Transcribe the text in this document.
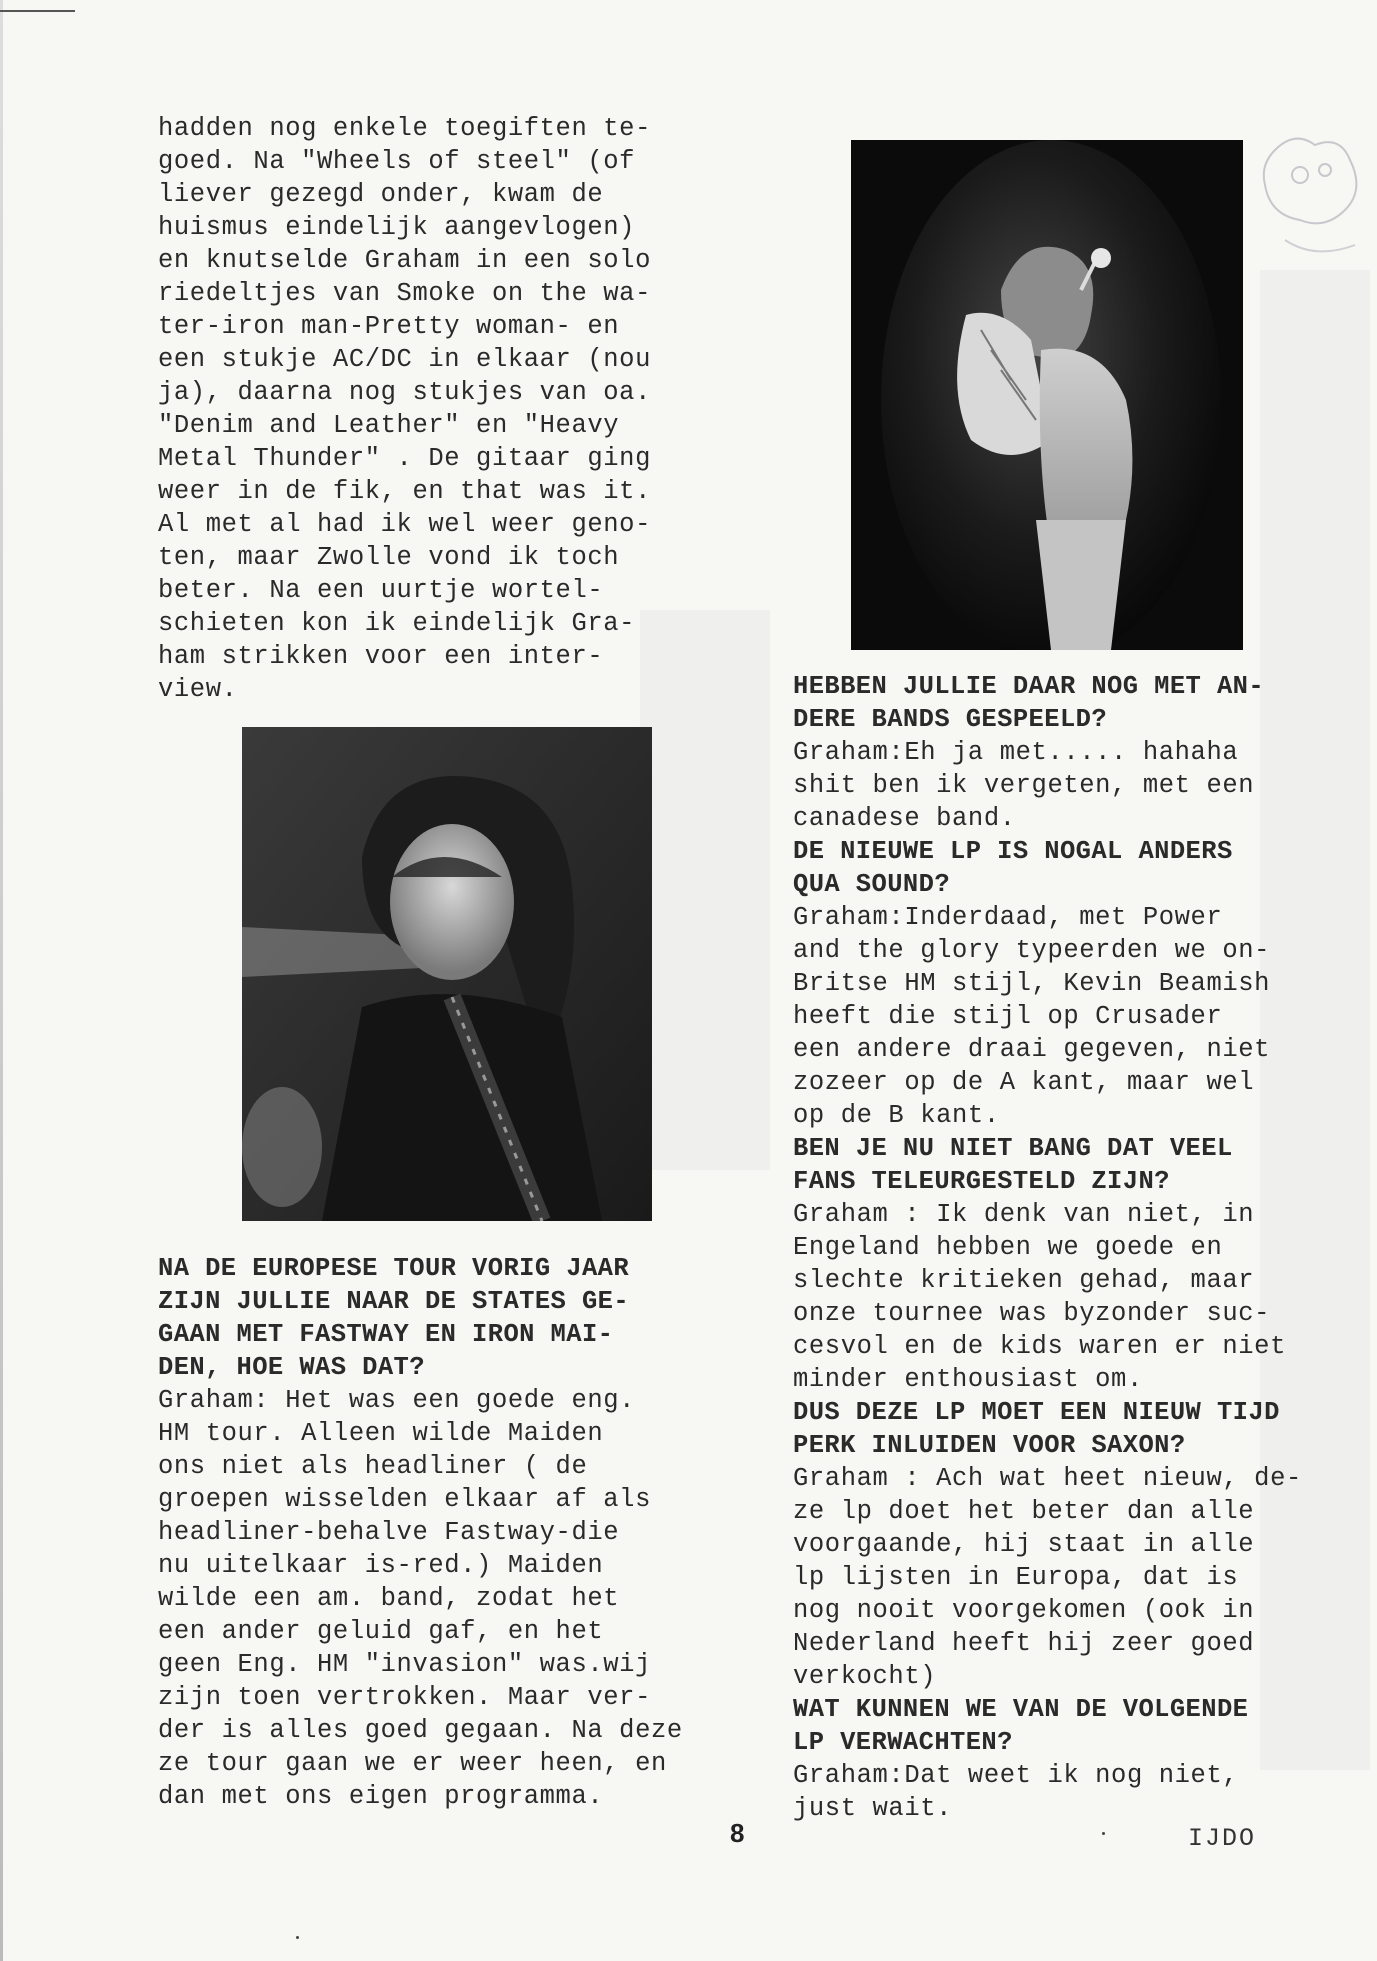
hadden nog enkele toegiften te-
goed. Na "Wheels of steel" (of
liever gezegd onder, kwam de
huismus eindelijk aangevlogen)
en knutselde Graham in een solo
riedeltjes van Smoke on the wa-
ter-iron man-Pretty woman- en
een stukje AC/DC in elkaar (nou
ja), daarna nog stukjes van oa.
"Denim and Leather" en "Heavy
Metal Thunder" . De gitaar ging
weer in de fik, en that was it.
Al met al had ik wel weer geno-
ten, maar Zwolle vond ik toch
beter. Na een uurtje wortel-
schieten kon ik eindelijk Gra-
ham strikken voor een inter-
view.
NA DE EUROPESE TOUR VORIG JAAR
ZIJN JULLIE NAAR DE STATES GE-
GAAN MET FASTWAY EN IRON MAI-
DEN, HOE WAS DAT?
Graham: Het was een goede eng.
HM tour. Alleen wilde Maiden
ons niet als headliner ( de
groepen wisselden elkaar af als
headliner-behalve Fastway-die
nu uitelkaar is-red.) Maiden
wilde een am. band, zodat het
een ander geluid gaf, en het
geen Eng. HM "invasion" was.wij
zijn toen vertrokken. Maar ver-
der is alles goed gegaan. Na deze
ze tour gaan we er weer heen, en
dan met ons eigen programma.
HEBBEN JULLIE DAAR NOG MET AN-
DERE BANDS GESPEELD?
Graham:Eh ja met..... hahaha
shit ben ik vergeten, met een
canadese band.
DE NIEUWE LP IS NOGAL ANDERS
QUA SOUND?
Graham:Inderdaad, met Power
and the glory typeerden we on-
Britse HM stijl, Kevin Beamish
heeft die stijl op Crusader
een andere draai gegeven, niet
zozeer op de A kant, maar wel
op de B kant.
BEN JE NU NIET BANG DAT VEEL
FANS TELEURGESTELD ZIJN?
Graham : Ik denk van niet, in
Engeland hebben we goede en
slechte kritieken gehad, maar
onze tournee was byzonder suc-
cesvol en de kids waren er niet
minder enthousiast om.
DUS DEZE LP MOET EEN NIEUW TIJD
PERK INLUIDEN VOOR SAXON?
Graham : Ach wat heet nieuw, de-
ze lp doet het beter dan alle
voorgaande, hij staat in alle
lp lijsten in Europa, dat is
nog nooit voorgekomen (ook in
Nederland heeft hij zeer goed
verkocht)
WAT KUNNEN WE VAN DE VOLGENDE
LP VERWACHTEN?
Graham:Dat weet ik nog niet,
just wait.
8	IJDO
